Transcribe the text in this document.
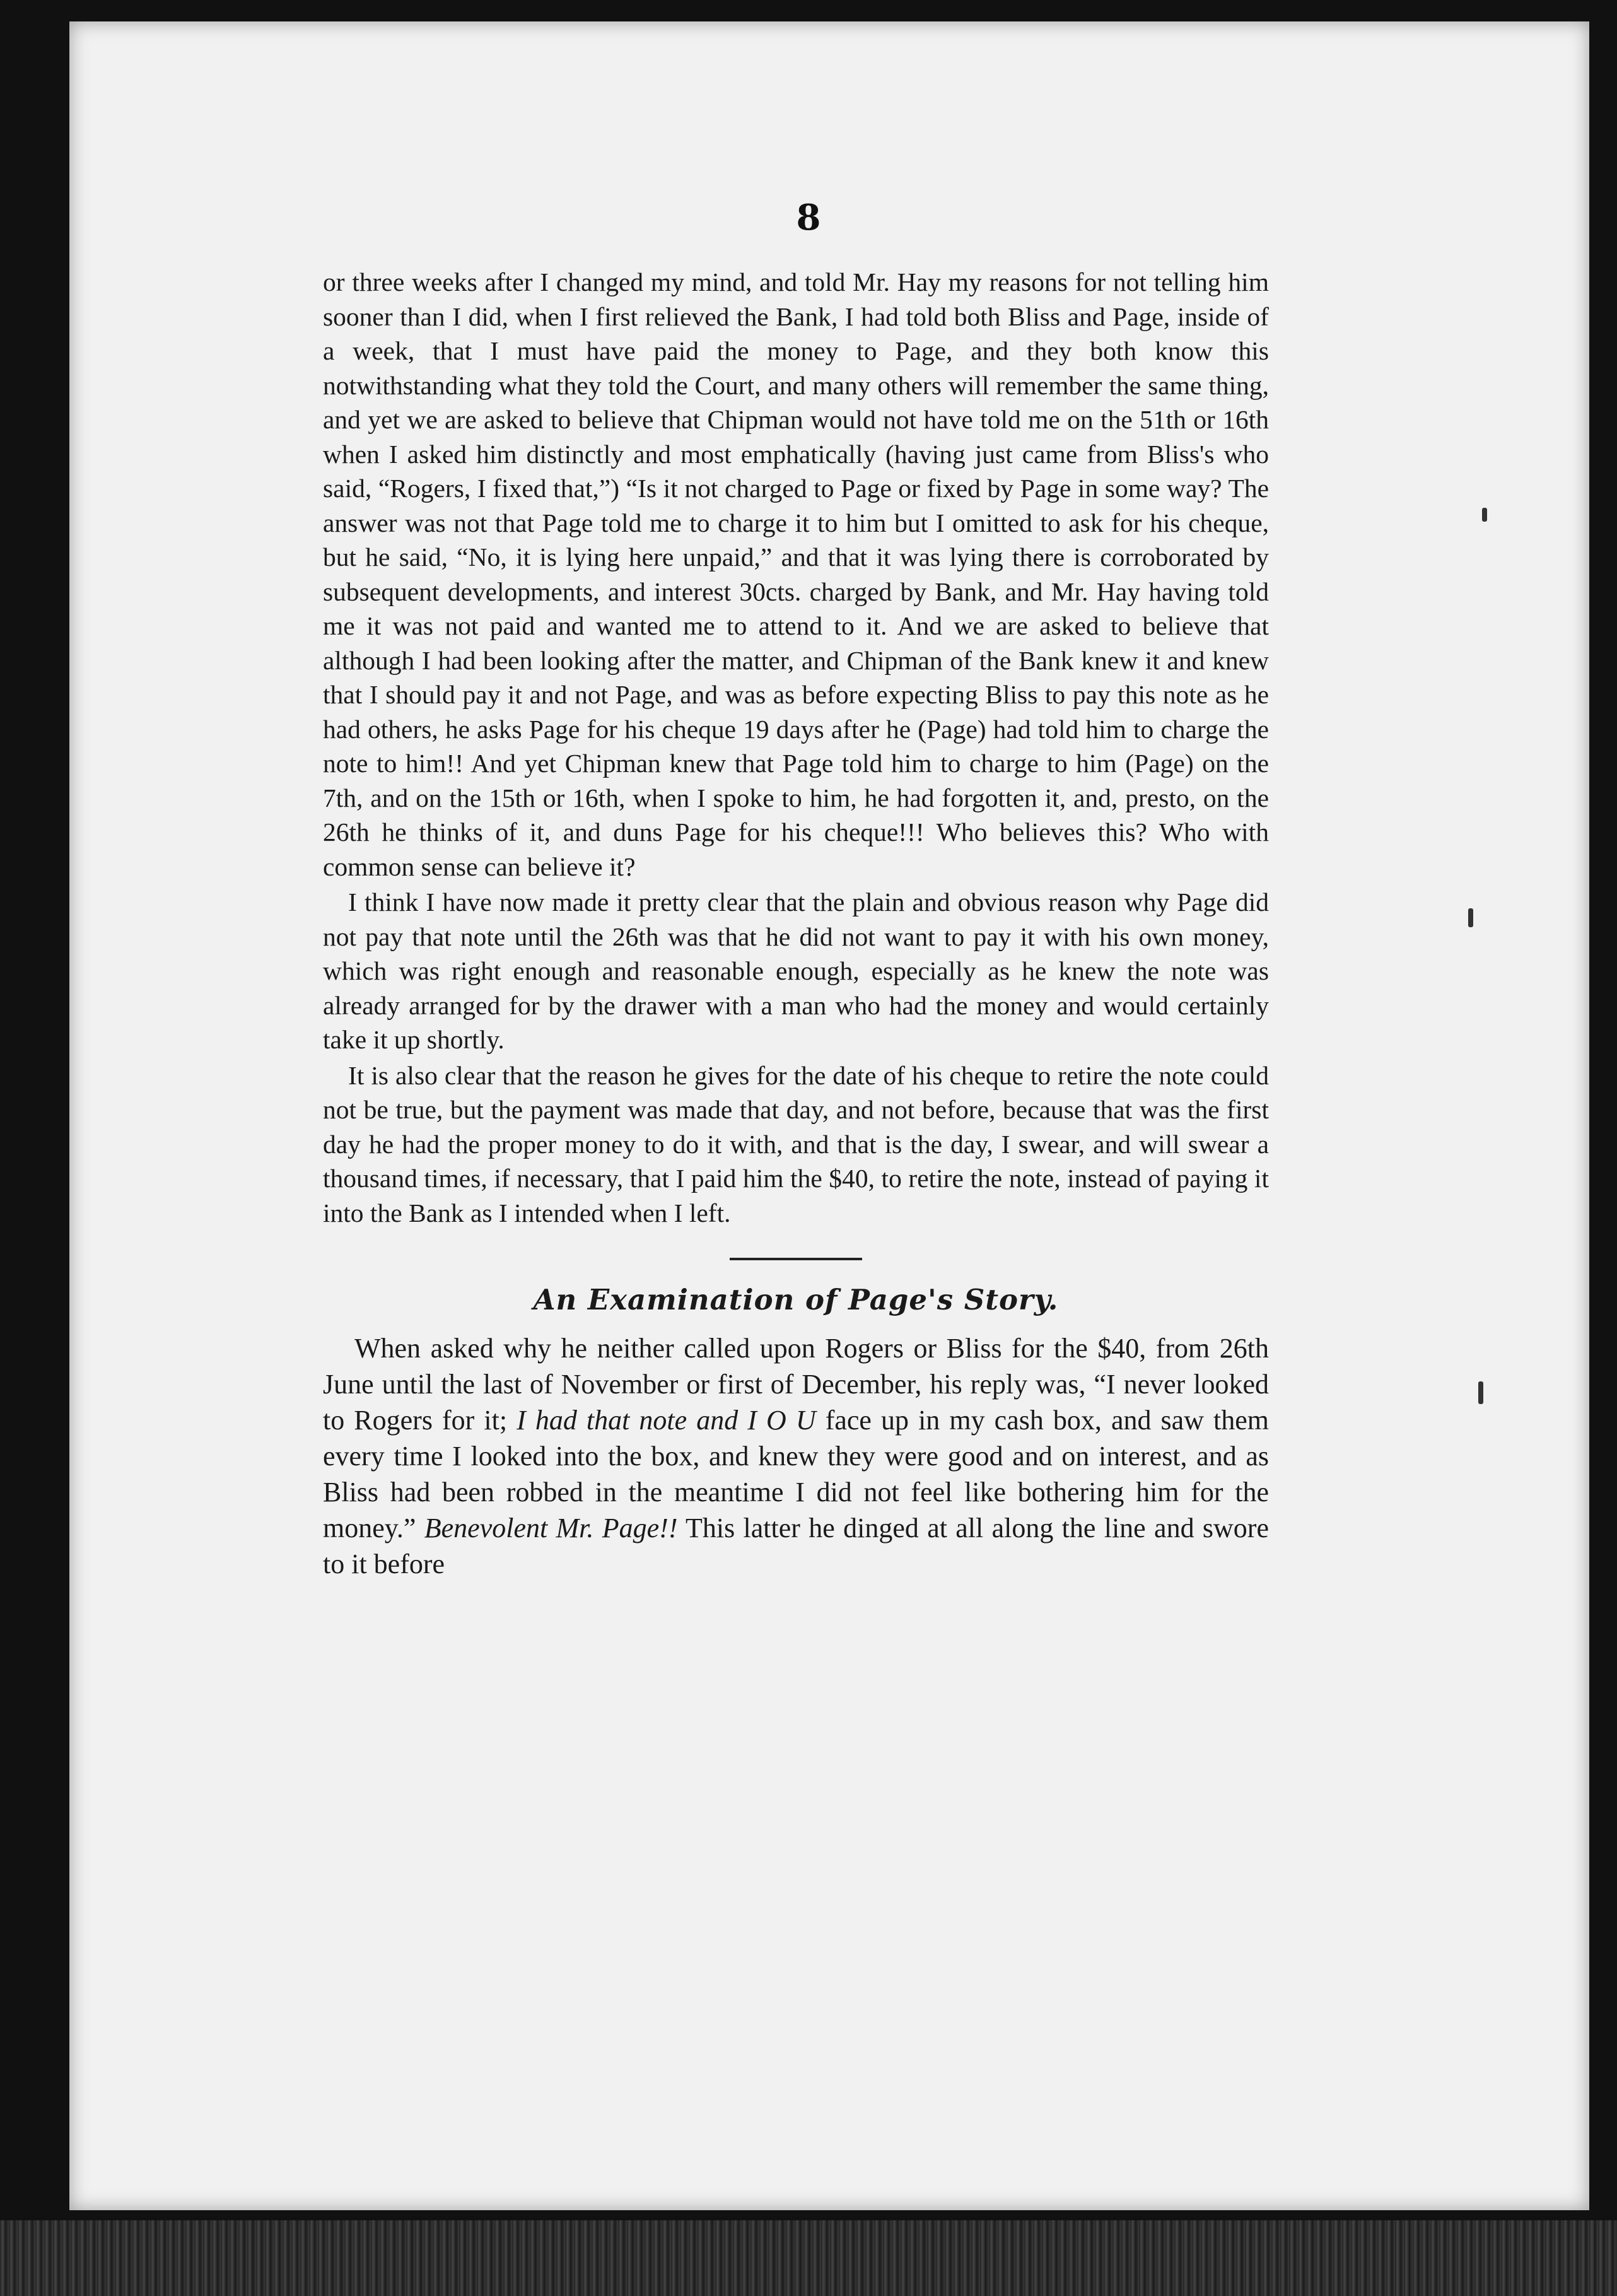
8

or three weeks after I changed my mind, and told Mr. Hay my reasons for not telling him sooner than I did, when I first relieved the Bank, I had told both Bliss and Page, inside of a week, that I must have paid the money to Page, and they both know this notwithstanding what they told the Court, and many others will remember the same thing, and yet we are asked to believe that Chipman would not have told me on the 51th or 16th when I asked him distinctly and most emphatically (having just came from Bliss's who said, “Rogers, I fixed that,”) “Is it not charged to Page or fixed by Page in some way? The answer was not that Page told me to charge it to him but I omitted to ask for his cheque, but he said, “No, it is lying here unpaid,” and that it was lying there is corroborated by subsequent developments, and interest 30cts. charged by Bank, and Mr. Hay having told me it was not paid and wanted me to attend to it. And we are asked to believe that although I had been looking after the matter, and Chipman of the Bank knew it and knew that I should pay it and not Page, and was as before expecting Bliss to pay this note as he had others, he asks Page for his cheque 19 days after he (Page) had told him to charge the note to him!! And yet Chipman knew that Page told him to charge to him (Page) on the 7th, and on the 15th or 16th, when I spoke to him, he had forgotten it, and, presto, on the 26th he thinks of it, and duns Page for his cheque!!! Who believes this? Who with common sense can believe it?

I think I have now made it pretty clear that the plain and obvious reason why Page did not pay that note until the 26th was that he did not want to pay it with his own money, which was right enough and reasonable enough, especially as he knew the note was already arranged for by the drawer with a man who had the money and would certainly take it up shortly.

It is also clear that the reason he gives for the date of his cheque to retire the note could not be true, but the payment was made that day, and not before, because that was the first day he had the proper money to do it with, and that is the day, I swear, and will swear a thousand times, if necessary, that I paid him the $40, to retire the note, instead of paying it into the Bank as I intended when I left.

An Examination of Page's Story.

When asked why he neither called upon Rogers or Bliss for the $40, from 26th June until the last of November or first of December, his reply was, “I never looked to Rogers for it; I had that note and I O U face up in my cash box, and saw them every time I looked into the box, and knew they were good and on interest, and as Bliss had been robbed in the meantime I did not feel like bothering him for the money.” Benevolent Mr. Page!! This latter he dinged at all along the line and swore to it before
